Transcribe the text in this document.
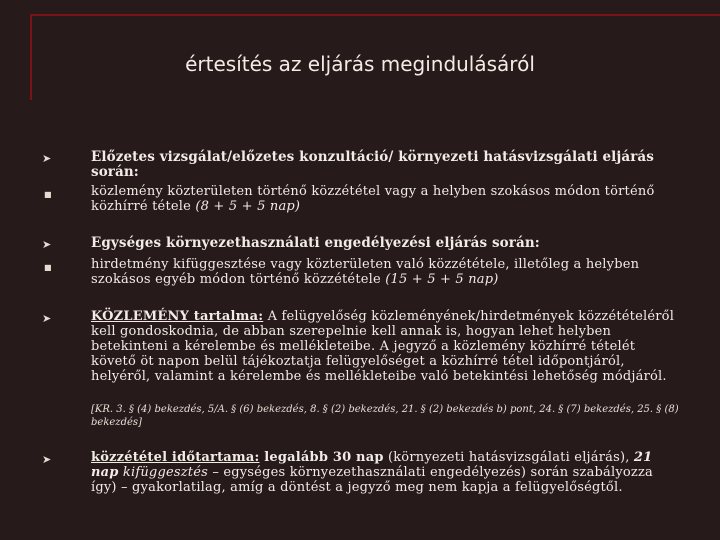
értesítés az eljárás megindulásáról
➤	Előzetes vizsgálat/előzetes konzultáció/ környezeti hatásvizsgálati eljárás során:
■	közlemény közterületen történő közzététel vagy a helyben szokásos módon történő közhírré tétele (8 + 5 + 5 nap)
➤	Egységes környezethasználati engedélyezési eljárás során:
■	hirdetmény kifüggesztése vagy közterületen való közzététele, illetőleg a helyben szokásos egyéb módon történő közzététele (15 + 5 + 5 nap)
➤	KÖZLEMÉNY tartalma: A felügyelőség közleményének/hirdetmények közzétételéről kell gondoskodnia, de abban szerepelnie kell annak is, hogyan lehet helyben betekinteni a kérelembe és mellékleteibe. A jegyző a közlemény közhírré tételét követő öt napon belül tájékoztatja felügyelőséget a közhírré tétel időpontjáról, helyéről, valamint a kérelembe és mellékleteibe való betekintési lehetőség módjáról.
[KR. 3. § (4) bekezdés, 5/A. § (6) bekezdés, 8. § (2) bekezdés, 21. § (2) bekezdés b) pont, 24. § (7) bekezdés, 25. § (8) bekezdés]
➤	közzététel időtartama: legalább 30 nap (környezeti hatásvizsgálati eljárás), 21 nap kifüggesztés – egységes környezethasználati engedélyezés) során szabályozza így) – gyakorlatilag, amíg a döntést a jegyző meg nem kapja a felügyelőségtől.
